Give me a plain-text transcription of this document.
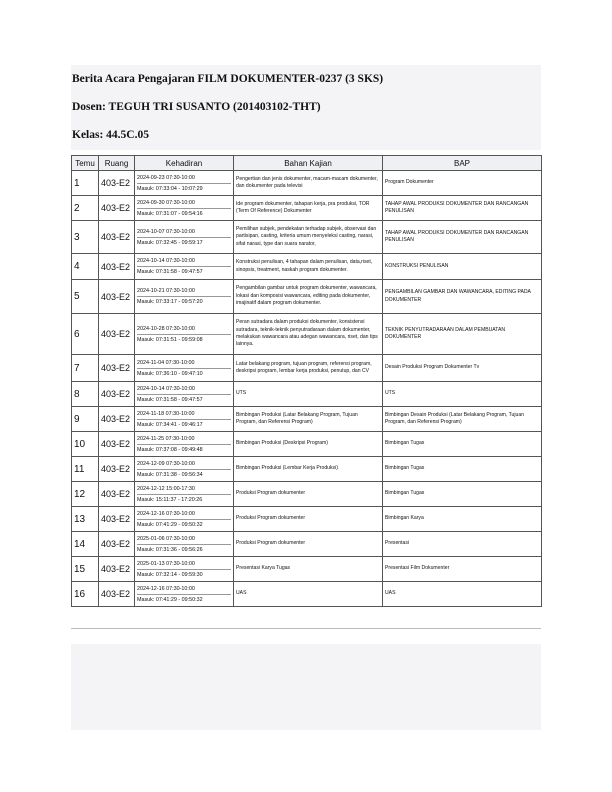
Berita Acara Pengajaran FILM DOKUMENTER-0237 (3 SKS)
Dosen: TEGUH TRI SUSANTO (201403102-THT)
Kelas: 44.5C.05
Temu	Ruang	Kehadiran	Bahan Kajian	BAP
1	403-E2	2024-09-23 07:30-10:00
Masuk: 07:33:04 - 10:07:29	Pengertian dan jenis dokumenter, macam-macam dokumenter, dan dokumenter pada televisi	Program Dokumenter
2	403-E2	2024-09-30 07:30-10:00
Masuk: 07:31:07 - 09:54:16	Ide program dokumenter, tahapan kerja, pra produksi, TOR (Term Of Reference) Dokumenter	TAHAP AWAL PRODUKSI DOKUMENTER DAN RANCANGAN PENULISAN
3	403-E2	2024-10-07 07:30-10:00
Masuk: 07:32:45 - 09:59:17	Pemilihan subjek, pendekatan terhadap subjek, observasi dan partisipan, casting, kriteria umum menyeleksi casting, narasi, sifat narasi, type dan suara narator,	TAHAP AWAL PRODUKSI DOKUMENTER DAN RANCANGAN PENULISAN
4	403-E2	2024-10-14 07:30-10:00
Masuk: 07:31:58 - 09:47:57	Konstruksi penulisan, 4 tahapan dalam penulisan, data,riset, sinopsis, treatment, naskah program dokumenter.	KONSTRUKSI PENULISAN
5	403-E2	2024-10-21 07:30-10:00
Masuk: 07:33:17 - 09:57:20	Pengambilan gambar untuk program dokumenter, wawancara, lokasi dan komposisi wawancara, editing pada dokumenter, imajinatif dalam program dokumenter.	PENGAMBILAN GAMBAR DAN WAWANCARA, EDITING PADA DOKUMENTER
6	403-E2	2024-10-28 07:30-10:00
Masuk: 07:31:51 - 09:59:08	Peran sutradara dalam produksi dokumenter, konsistensi sutradara, teknik-teknik penyutradaraan dalam dokumenter, melakukan wawancara atau adegan wawancara, riset, dan tips lainnya.	TEKNIK PENYUTRADARAAN DALAM PEMBUATAN DOKUMENTER
7	403-E2	2024-11-04 07:30-10:00
Masuk: 07:36:10 - 09:47:10	Latar belakang program, tujuan program, referensi program, deskripsi program, lembar kerja produksi, penutup, dan CV	Desain Produksi Program Dokumenter Tv
8	403-E2	2024-10-14 07:30-10:00
Masuk: 07:31:58 - 09:47:57	UTS	UTS
9	403-E2	2024-11-18 07:30-10:00
Masuk: 07:34:41 - 09:46:17	Bimbingan Produksi (Latar Belakang Program, Tujuan Program, dan Referensi Program)	Bimbingan Desain Produksi (Latar Belakang Program, Tujuan Program, dan Referensi Program)
10	403-E2	2024-11-25 07:30-10:00
Masuk: 07:37:08 - 09:49:48	Bimbingan Produksi (Deskripsi Program)	Bimbingan Tugas
11	403-E2	2024-12-09 07:30-10:00
Masuk: 07:31:38 - 09:56:34	Bimbingan Produksi (Lembar Kerja Produksi)	Bimbingan Tugas
12	403-E2	2024-12-12 15:00-17:30
Masuk: 15:11:37 - 17:20:26	Produksi Program dokumenter	Bimbingan Tugas
13	403-E2	2024-12-16 07:30-10:00
Masuk: 07:41:29 - 09:50:32	Produksi Program dokumenter	Bimbingan Karya
14	403-E2	2025-01-06 07:30-10:00
Masuk: 07:31:36 - 09:56:26	Produksi Program dokumenter	Presentasi
15	403-E2	2025-01-13 07:30-10:00
Masuk: 07:32:14 - 09:59:30	Presentasi Karya Tugas	Presentasi Film Dokumenter
16	403-E2	2024-12-16 07:30-10:00
Masuk: 07:41:29 - 09:50:32	UAS	UAS
